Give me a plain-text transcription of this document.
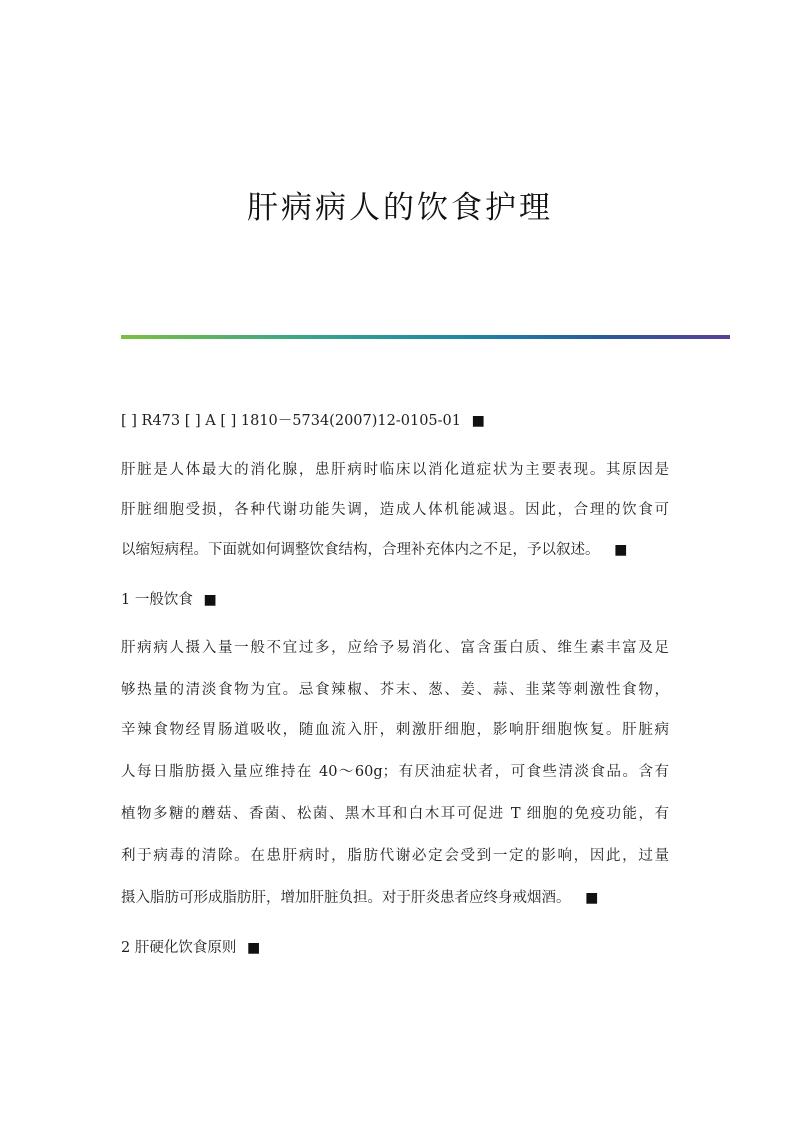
肝病病人的饮食护理
[ ] R473 [ ] A [ ] 1810－5734(2007)12-0105-01 ■
肝脏是人体最大的消化腺，患肝病时临床以消化道症状为主要表现。其原因是
肝脏细胞受损，各种代谢功能失调，造成人体机能减退。因此，合理的饮食可
以缩短病程。下面就如何调整饮食结构，合理补充体内之不足，予以叙述。 ■
1 一般饮食 ■
肝病病人摄入量一般不宜过多，应给予易消化、富含蛋白质、维生素丰富及足
够热量的清淡食物为宜。忌食辣椒、芥末、葱、姜、蒜、韭菜等刺激性食物，
辛辣食物经胃肠道吸收，随血流入肝，刺激肝细胞，影响肝细胞恢复。肝脏病
人每日脂肪摄入量应维持在 40～60g；有厌油症状者，可食些清淡食品。含有
植物多糖的蘑菇、香菌、松菌、黑木耳和白木耳可促进 T 细胞的免疫功能，有
利于病毒的清除。在患肝病时，脂肪代谢必定会受到一定的影响，因此，过量
摄入脂肪可形成脂肪肝，增加肝脏负担。对于肝炎患者应终身戒烟酒。 ■
2 肝硬化饮食原则 ■
